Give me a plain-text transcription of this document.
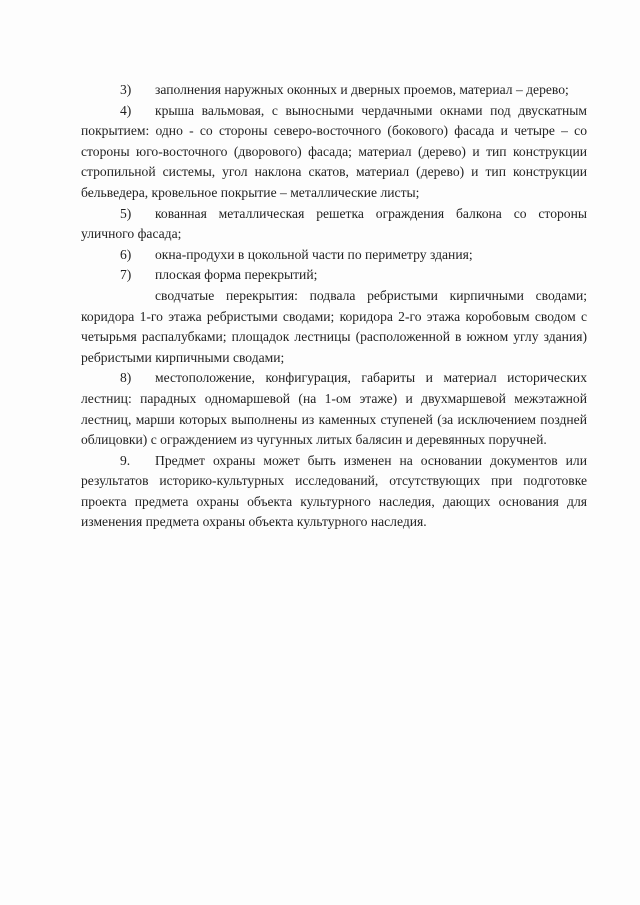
3) заполнения наружных оконных и дверных проемов, материал – дерево;

4) крыша вальмовая, с выносными чердачными окнами под двускатным покрытием: одно - со стороны северо-восточного (бокового) фасада и четыре – со стороны юго-восточного (дворового) фасада; материал (дерево) и тип конструкции стропильной системы, угол наклона скатов, материал (дерево) и тип конструкции бельведера, кровельное покрытие – металлические листы;

5) кованная металлическая решетка ограждения балкона со стороны уличного фасада;

6) окна-продухи в цокольной части по периметру здания;

7) плоская форма перекрытий;

сводчатые перекрытия: подвала ребристыми кирпичными сводами; коридора 1-го этажа ребристыми сводами; коридора 2-го этажа коробовым сводом с четырьмя распалубками; площадок лестницы (расположенной в южном углу здания) ребристыми кирпичными сводами;

8) местоположение, конфигурация, габариты и материал исторических лестниц: парадных одномаршевой (на 1-ом этаже) и двухмаршевой межэтажной лестниц, марши которых выполнены из каменных ступеней (за исключением поздней облицовки) с ограждением из чугунных литых балясин и деревянных поручней.

9. Предмет охраны может быть изменен на основании документов или результатов историко-культурных исследований, отсутствующих при подготовке проекта предмета охраны объекта культурного наследия, дающих основания для изменения предмета охраны объекта культурного наследия.
